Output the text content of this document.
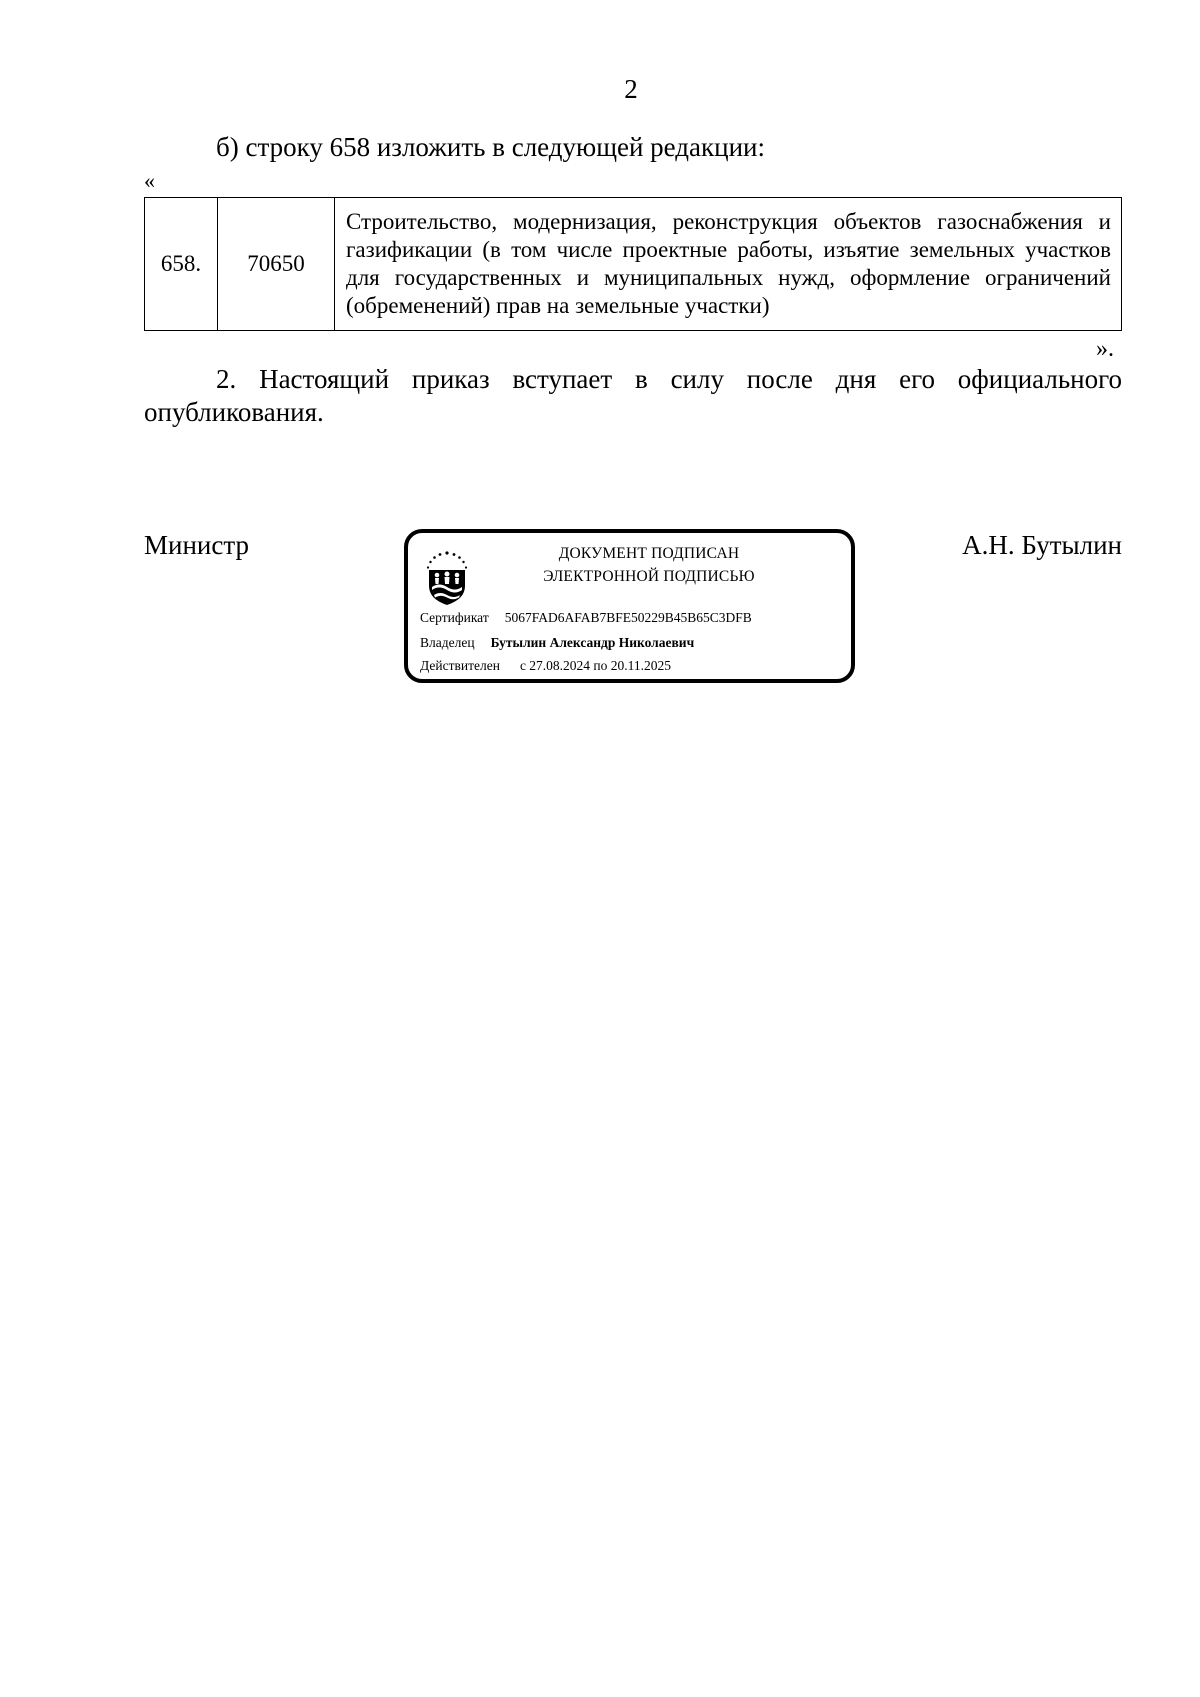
2
б) строку 658 изложить в следующей редакции:
«
658.	70650	Строительство, модернизация, реконструкция объектов газоснабжения и газификации (в том числе проектные работы, изъятие земельных участков для государственных и муниципальных нужд, оформление ограничений (обременений) прав на земельные участки)
».
2. Настоящий приказ вступает в силу после дня его официального опубликования.
Министр	ДОКУМЕНТ ПОДПИСАН
ЭЛЕКТРОННОЙ ПОДПИСЬЮ
Сертификат 5067FAD6AFAB7BFE50229B45B65C3DFB
Владелец Бутылин Александр Николаевич
Действителен с 27.08.2024 по 20.11.2025
А.Н. Бутылин
